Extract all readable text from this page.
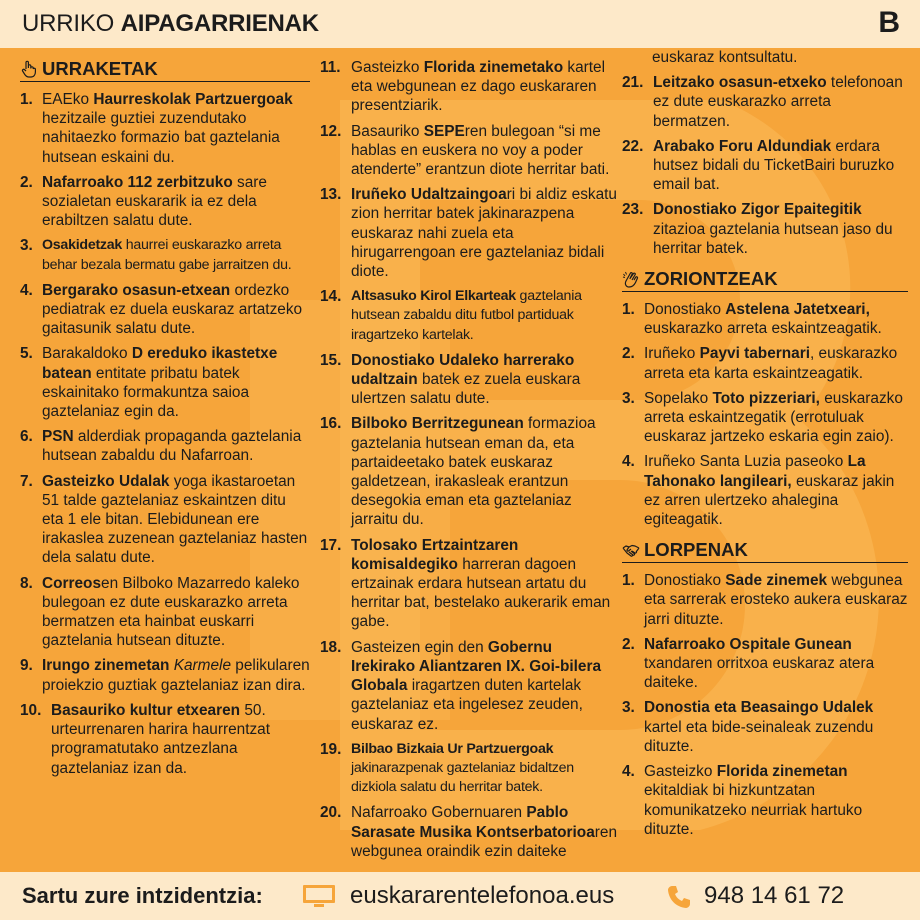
URRIKO AIPAGARRIENAK	B
URRAKETAK
1. EAEko Haurreskolak Partzuergoak hezitzaile guztiei zuzendutako nahitaezko formazio bat gaztelania hutsean eskaini du.
2. Nafarroako 112 zerbitzuko sare sozialetan euskararik ia ez dela erabiltzen salatu dute.
3. Osakidetzak haurrei euskarazko arreta behar bezala bermatu gabe jarraitzen du.
4. Bergarako osasun-etxean ordezko pediatrak ez duela euskaraz artatzeko gaitasunik salatu dute.
5. Barakaldoko D ereduko ikastetxe batean entitate pribatu batek eskainitako formakuntza saioa gaztelaniaz egin da.
6. PSN alderdiak propaganda gaztelania hutsean zabaldu du Nafarroan.
7. Gasteizko Udalak yoga ikastaroetan 51 talde gaztelaniaz eskaintzen ditu eta 1 ele bitan. Elebidunean ere irakaslea zuzenean gaztelaniaz hasten dela salatu dute.
8. Correosen Bilboko Mazarredo kaleko bulegoan ez dute euskarazko arreta bermatzen eta hainbat euskarri gaztelania hutsean dituzte.
9. Irungo zinemetan Karmele pelikularen proiekzio guztiak gaztelaniaz izan dira.
10. Basauriko kultur etxearen 50. urteurrenaren harira haurrentzat programatutako antzezlana gaztelaniaz izan da.
11. Gasteizko Florida zinemetako kartel eta webgunean ez dago euskararen presentziarik.
12. Basauriko SEPEren bulegoan “si me hablas en euskera no voy a poder atenderte” erantzun diote herritar bati.
13. Iruñeko Udaltzaingoari bi aldiz eskatu zion herritar batek jakinarazpena euskaraz nahi zuela eta hirugarrengoan ere gaztelaniaz bidali diote.
14. Altsasuko Kirol Elkarteak gaztelania hutsean zabaldu ditu futbol partiduak iragartzeko kartelak.
15. Donostiako Udaleko harrerako udaltzain batek ez zuela euskara ulertzen salatu dute.
16. Bilboko Berritzegunean formazioa gaztelania hutsean eman da, eta partaideetako batek euskaraz galdetzean, irakasleak erantzun desegokia eman eta gaztelaniaz jarraitu du.
17. Tolosako Ertzaintzaren komisaldegiko harreran dagoen ertzainak erdara hutsean artatu du herritar bat, bestelako aukerarik eman gabe.
18. Gasteizen egin den Gobernu Irekirako Aliantzaren IX. Goi-bilera Globala iragartzen duten kartelak gaztelaniaz eta ingelesez zeuden, euskaraz ez.
19. Bilbao Bizkaia Ur Partzuergoak jakinarazpenak gaztelaniaz bidaltzen dizkiola salatu du herritar batek.
20. Nafarroako Gobernuaren Pablo Sarasate Musika Kontserbatorioaren webgunea oraindik ezin daiteke
euskaraz kontsultatu.
21. Leitzako osasun-etxeko telefonoan ez dute euskarazko arreta bermatzen.
22. Arabako Foru Aldundiak erdara hutsez bidali du TicketBairi buruzko email bat.
23. Donostiako Zigor Epaitegitik zitazioa gaztelania hutsean jaso du herritar batek.
ZORIONTZEAK
1. Donostiako Astelena Jatetxeari, euskarazko arreta eskaintzeagatik.
2. Iruñeko Payvi tabernari, euskarazko arreta eta karta eskaintzeagatik.
3. Sopelako Toto pizzeriari, euskarazko arreta eskaintzegatik (errotuluak euskaraz jartzeko eskaria egin zaio).
4. Iruñeko Santa Luzia paseoko La Tahonako langileari, euskaraz jakin ez arren ulertzeko ahalegina egiteagatik.
LORPENAK
1. Donostiako Sade zinemek webgunea eta sarrerak erosteko aukera euskaraz jarri dituzte.
2. Nafarroako Ospitale Gunean txandaren orritxoa euskaraz atera daiteke.
3. Donostia eta Beasaingo Udalek kartel eta bide-seinaleak zuzendu dituzte.
4. Gasteizko Florida zinemetan ekitaldiak bi hizkuntzatan komunikatzeko neurriak hartuko dituzte.
Sartu zure intzidentzia:	euskararentelefonoa.eus	948 14 61 72
